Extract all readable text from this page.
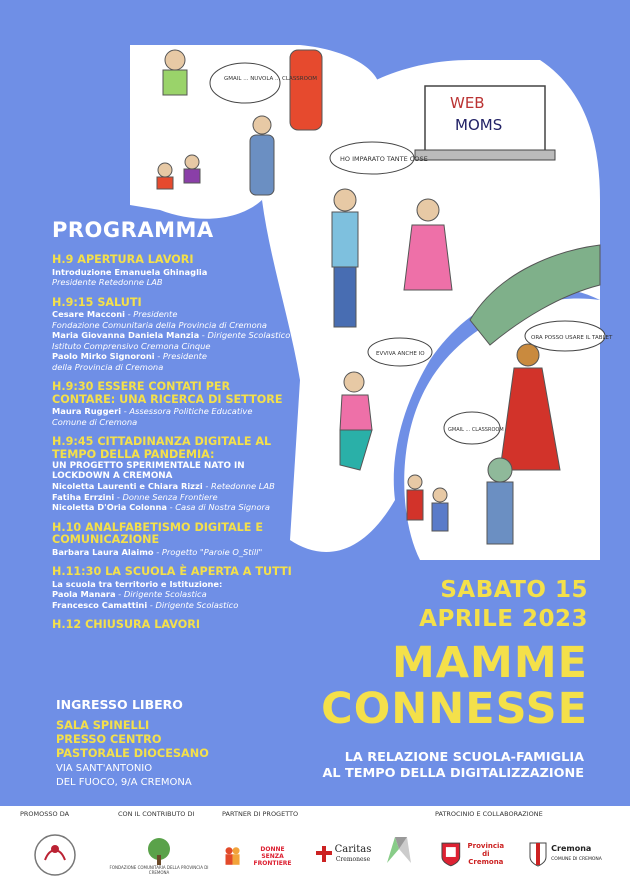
WEB
MOMS
PROGRAMMA
H.9 APERTURA LAVORI
Introduzione Emanuela Ghinaglia
Presidente Retedonne LAB
H.9:15 SALUTI
Cesare Macconi - Presidente
Fondazione Comunitaria della Provincia di Cremona
Maria Giovanna Daniela Manzia - Dirigente Scolastico
Istituto Comprensivo Cremona Cinque
Paolo Mirko Signoroni - Presidente
della Provincia di Cremona
H.9:30 ESSERE CONTATI PER CONTARE: UNA RICERCA DI SETTORE
Maura Ruggeri - Assessora Politiche Educative
Comune di Cremona
H.9:45 CITTADINANZA DIGITALE AL TEMPO DELLA PANDEMIA:
UN PROGETTO SPERIMENTALE NATO IN LOCKDOWN A CREMONA
Nicoletta Laurenti e Chiara Rizzi - Retedonne LAB
Fatiha Errzini - Donne Senza Frontiere
Nicoletta D'Oria Colonna - Casa di Nostra Signora
H.10 ANALFABETISMO DIGITALE E COMUNICAZIONE
Barbara Laura Alaimo - Progetto "Paroie O_Still"
H.11:30 LA SCUOLA È APERTA A TUTTI
La scuola tra territorio e Istituzione:
Paola Manara - Dirigente Scolastica
Francesco Camattini - Dirigente Scolastico
H.12 CHIUSURA LAVORI
INGRESSO LIBERO
SALA SPINELLI
PRESSO CENTRO
PASTORALE DIOCESANO
VIA SANT'ANTONIO
DEL FUOCO, 9/A CREMONA
SABATO 15
APRILE 2023
MAMME
CONNESSE
LA RELAZIONE SCUOLA-FAMIGLIA
AL TEMPO DELLA DIGITALIZZAZIONE
PROMOSSO DA	CON IL CONTRIBUTO DI	PARTNER DI PROGETTO	PATROCINIO E COLLABORAZIONE
FONDAZIONE COMUNITARIA DELLA PROVINCIA DI CREMONA
DONNE
SENZA FRONTIERE
Caritas
Cremonese
Provincia
di Cremona
Cremona
COMUNE DI CREMONA
GMAIL ... NUVOLA ... CLASSROOM
HO IMPARATO TANTE COSE
EVVIVA ANCHE IO
ORA POSSO USARE IL TABLET
GMAIL ... CLASSROOM
